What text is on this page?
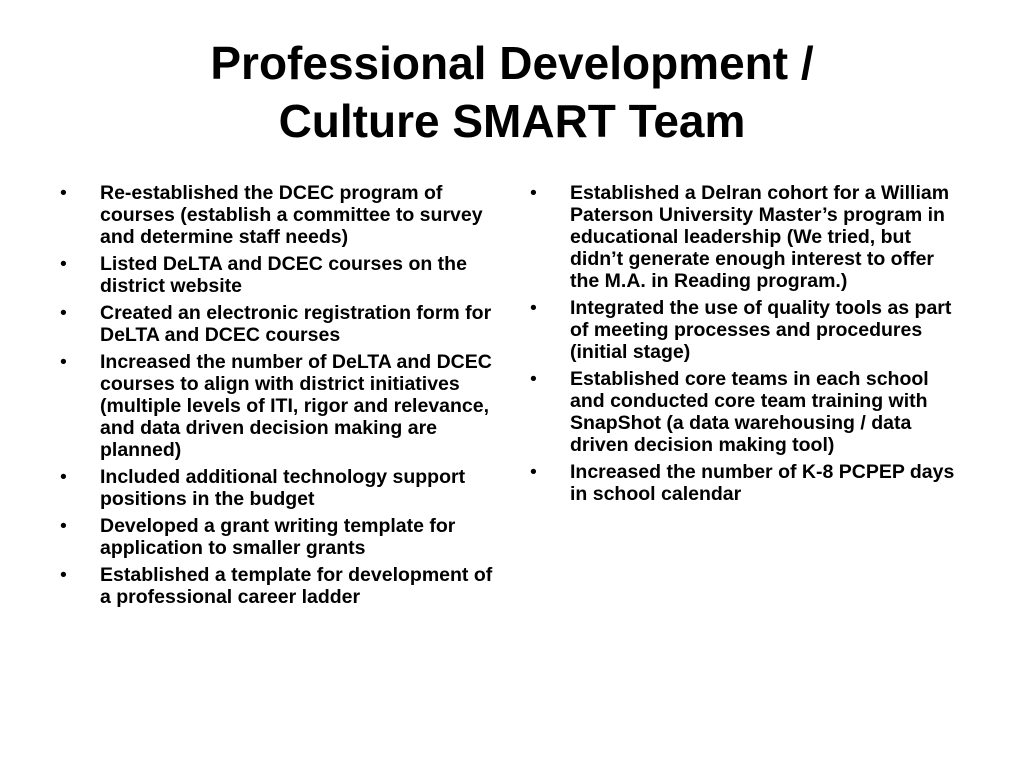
Professional Development /
Culture SMART Team
• Re-established the DCEC program of courses (establish a committee to survey and determine staff needs)
• Listed DeLTA and DCEC courses on the district website
• Created an electronic registration form for DeLTA and DCEC courses
• Increased the number of DeLTA and DCEC courses to align with district initiatives (multiple levels of ITI, rigor and relevance, and data driven decision making are planned)
• Included additional technology support positions in the budget
• Developed a grant writing template for application to smaller grants
• Established a template for development of a professional career ladder
• Established a Delran cohort for a William Paterson University Master’s program in educational leadership (We tried, but didn’t generate enough interest to offer the M.A. in Reading program.)
• Integrated the use of quality tools as part of meeting processes and procedures (initial stage)
• Established core teams in each school and conducted core team training with SnapShot (a data warehousing / data driven decision making tool)
• Increased the number of K-8 PCPEP days in school calendar
